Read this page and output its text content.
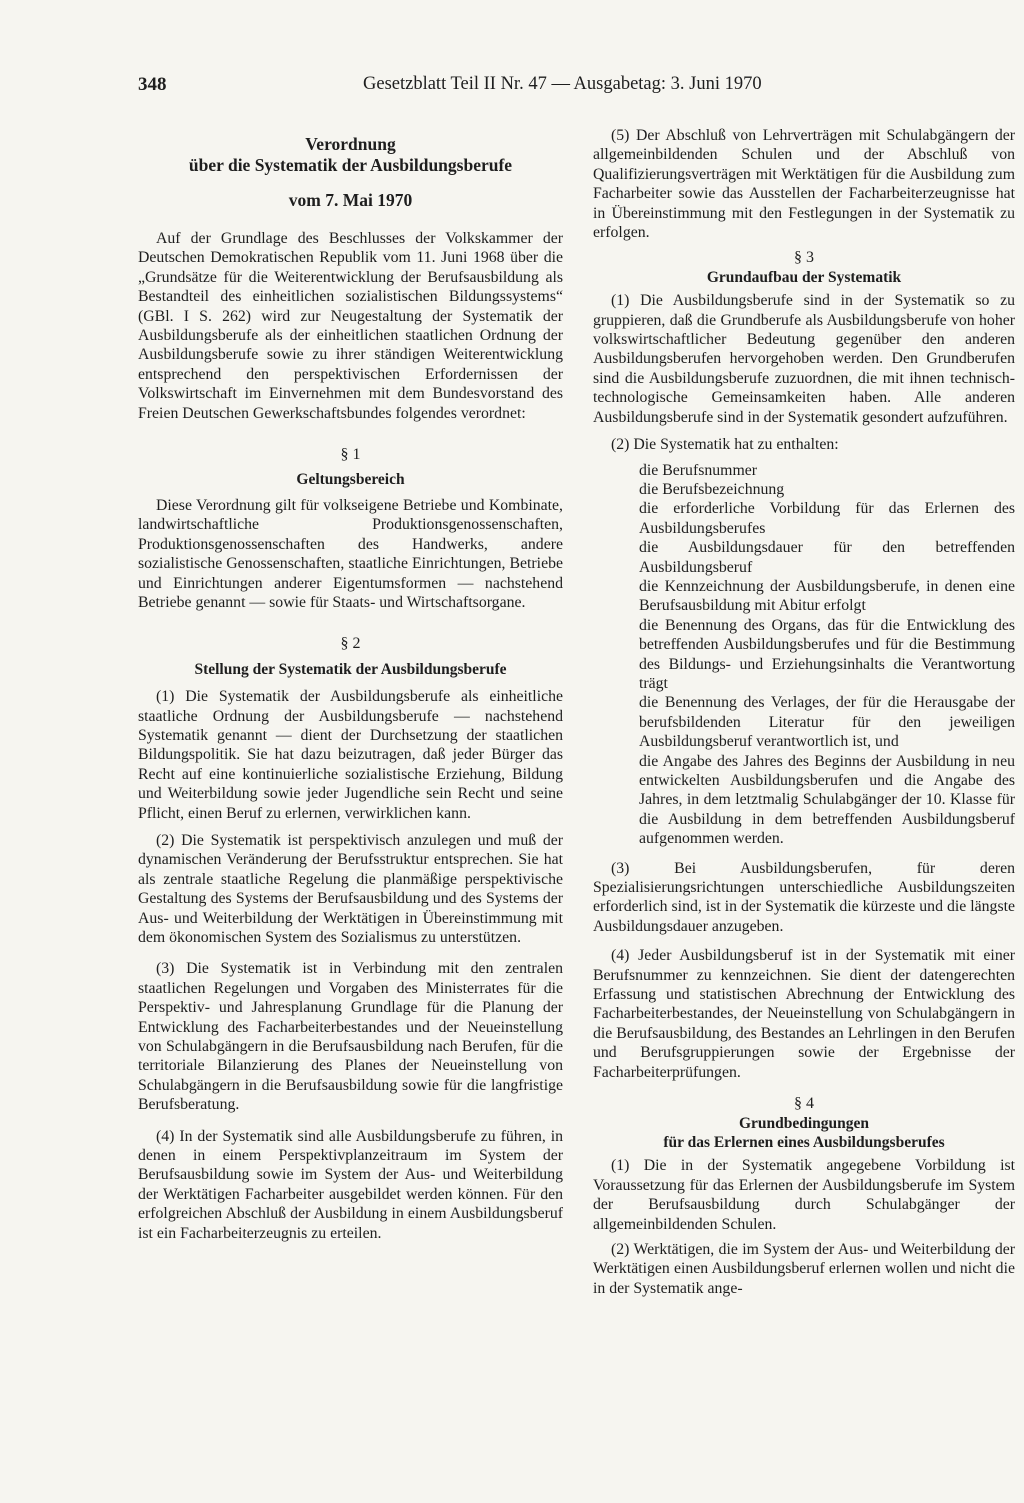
348	Gesetzblatt Teil II Nr. 47 — Ausgabetag: 3. Juni 1970
Verordnung
über die Systematik der Ausbildungsberufe
vom 7. Mai 1970

Auf der Grundlage des Beschlusses der Volkskammer der Deutschen Demokratischen Republik vom 11. Juni 1968 über die „Grundsätze für die Weiterentwicklung der Berufsausbildung als Bestandteil des einheitlichen sozialistischen Bildungssystems“ (GBl. I S. 262) wird zur Neugestaltung der Systematik der Ausbildungsberufe als der einheitlichen staatlichen Ordnung der Ausbildungsberufe sowie zu ihrer ständigen Weiterentwicklung entsprechend den perspektivischen Erfordernissen der Volkswirtschaft im Einvernehmen mit dem Bundesvorstand des Freien Deutschen Gewerkschaftsbundes folgendes verordnet:

§ 1
Geltungsbereich

Diese Verordnung gilt für volkseigene Betriebe und Kombinate, landwirtschaftliche Produktionsgenossenschaften, Produktionsgenossenschaften des Handwerks, andere sozialistische Genossenschaften, staatliche Einrichtungen, Betriebe und Einrichtungen anderer Eigentumsformen — nachstehend Betriebe genannt — sowie für Staats- und Wirtschaftsorgane.

§ 2
Stellung der Systematik der Ausbildungsberufe

(1) Die Systematik der Ausbildungsberufe als einheitliche staatliche Ordnung der Ausbildungsberufe — nachstehend Systematik genannt — dient der Durchsetzung der staatlichen Bildungspolitik. Sie hat dazu beizutragen, daß jeder Bürger das Recht auf eine kontinuierliche sozialistische Erziehung, Bildung und Weiterbildung sowie jeder Jugendliche sein Recht und seine Pflicht, einen Beruf zu erlernen, verwirklichen kann.

(2) Die Systematik ist perspektivisch anzulegen und muß der dynamischen Veränderung der Berufsstruktur entsprechen. Sie hat als zentrale staatliche Regelung die planmäßige perspektivische Gestaltung des Systems der Berufsausbildung und des Systems der Aus- und Weiterbildung der Werktätigen in Übereinstimmung mit dem ökonomischen System des Sozialismus zu unterstützen.

(3) Die Systematik ist in Verbindung mit den zentralen staatlichen Regelungen und Vorgaben des Ministerrates für die Perspektiv- und Jahresplanung Grundlage für die Planung der Entwicklung des Facharbeiterbestandes und der Neueinstellung von Schulabgängern in die Berufsausbildung nach Berufen, für die territoriale Bilanzierung des Planes der Neueinstellung von Schulabgängern in die Berufsausbildung sowie für die langfristige Berufsberatung.

(4) In der Systematik sind alle Ausbildungsberufe zu führen, in denen in einem Perspektivplanzeitraum im System der Berufsausbildung sowie im System der Aus- und Weiterbildung der Werktätigen Facharbeiter ausgebildet werden können. Für den erfolgreichen Abschluß der Ausbildung in einem Ausbildungsberuf ist ein Facharbeiterzeugnis zu erteilen.

(5) Der Abschluß von Lehrverträgen mit Schulabgängern der allgemeinbildenden Schulen und der Abschluß von Qualifizierungsverträgen mit Werktätigen für die Ausbildung zum Facharbeiter sowie das Ausstellen der Facharbeiterzeugnisse hat in Übereinstimmung mit den Festlegungen in der Systematik zu erfolgen.

§ 3
Grundaufbau der Systematik

(1) Die Ausbildungsberufe sind in der Systematik so zu gruppieren, daß die Grundberufe als Ausbildungsberufe von hoher volkswirtschaftlicher Bedeutung gegenüber den anderen Ausbildungsberufen hervorgehoben werden. Den Grundberufen sind die Ausbildungsberufe zuzuordnen, die mit ihnen technisch-technologische Gemeinsamkeiten haben. Alle anderen Ausbildungsberufe sind in der Systematik gesondert aufzuführen.

(2) Die Systematik hat zu enthalten:

die Berufsnummer
die Berufsbezeichnung
die erforderliche Vorbildung für das Erlernen des Ausbildungsberufes
die Ausbildungsdauer für den betreffenden Ausbildungsberuf
die Kennzeichnung der Ausbildungsberufe, in denen eine Berufsausbildung mit Abitur erfolgt
die Benennung des Organs, das für die Entwicklung des betreffenden Ausbildungsberufes und für die Bestimmung des Bildungs- und Erziehungsinhalts die Verantwortung trägt
die Benennung des Verlages, der für die Herausgabe der berufsbildenden Literatur für den jeweiligen Ausbildungsberuf verantwortlich ist, und
die Angabe des Jahres des Beginns der Ausbildung in neu entwickelten Ausbildungsberufen und die Angabe des Jahres, in dem letztmalig Schulabgänger der 10. Klasse für die Ausbildung in dem betreffenden Ausbildungsberuf aufgenommen werden.

(3) Bei Ausbildungsberufen, für deren Spezialisierungsrichtungen unterschiedliche Ausbildungszeiten erforderlich sind, ist in der Systematik die kürzeste und die längste Ausbildungsdauer anzugeben.

(4) Jeder Ausbildungsberuf ist in der Systematik mit einer Berufsnummer zu kennzeichnen. Sie dient der datengerechten Erfassung und statistischen Abrechnung der Entwicklung des Facharbeiterbestandes, der Neueinstellung von Schulabgängern in die Berufsausbildung, des Bestandes an Lehrlingen in den Berufen und Berufsgruppierungen sowie der Ergebnisse der Facharbeiterprüfungen.

§ 4
Grundbedingungen
für das Erlernen eines Ausbildungsberufes

(1) Die in der Systematik angegebene Vorbildung ist Voraussetzung für das Erlernen der Ausbildungsberufe im System der Berufsausbildung durch Schulabgänger der allgemeinbildenden Schulen.

(2) Werktätigen, die im System der Aus- und Weiterbildung der Werktätigen einen Ausbildungsberuf erlernen wollen und nicht die in der Systematik ange-
